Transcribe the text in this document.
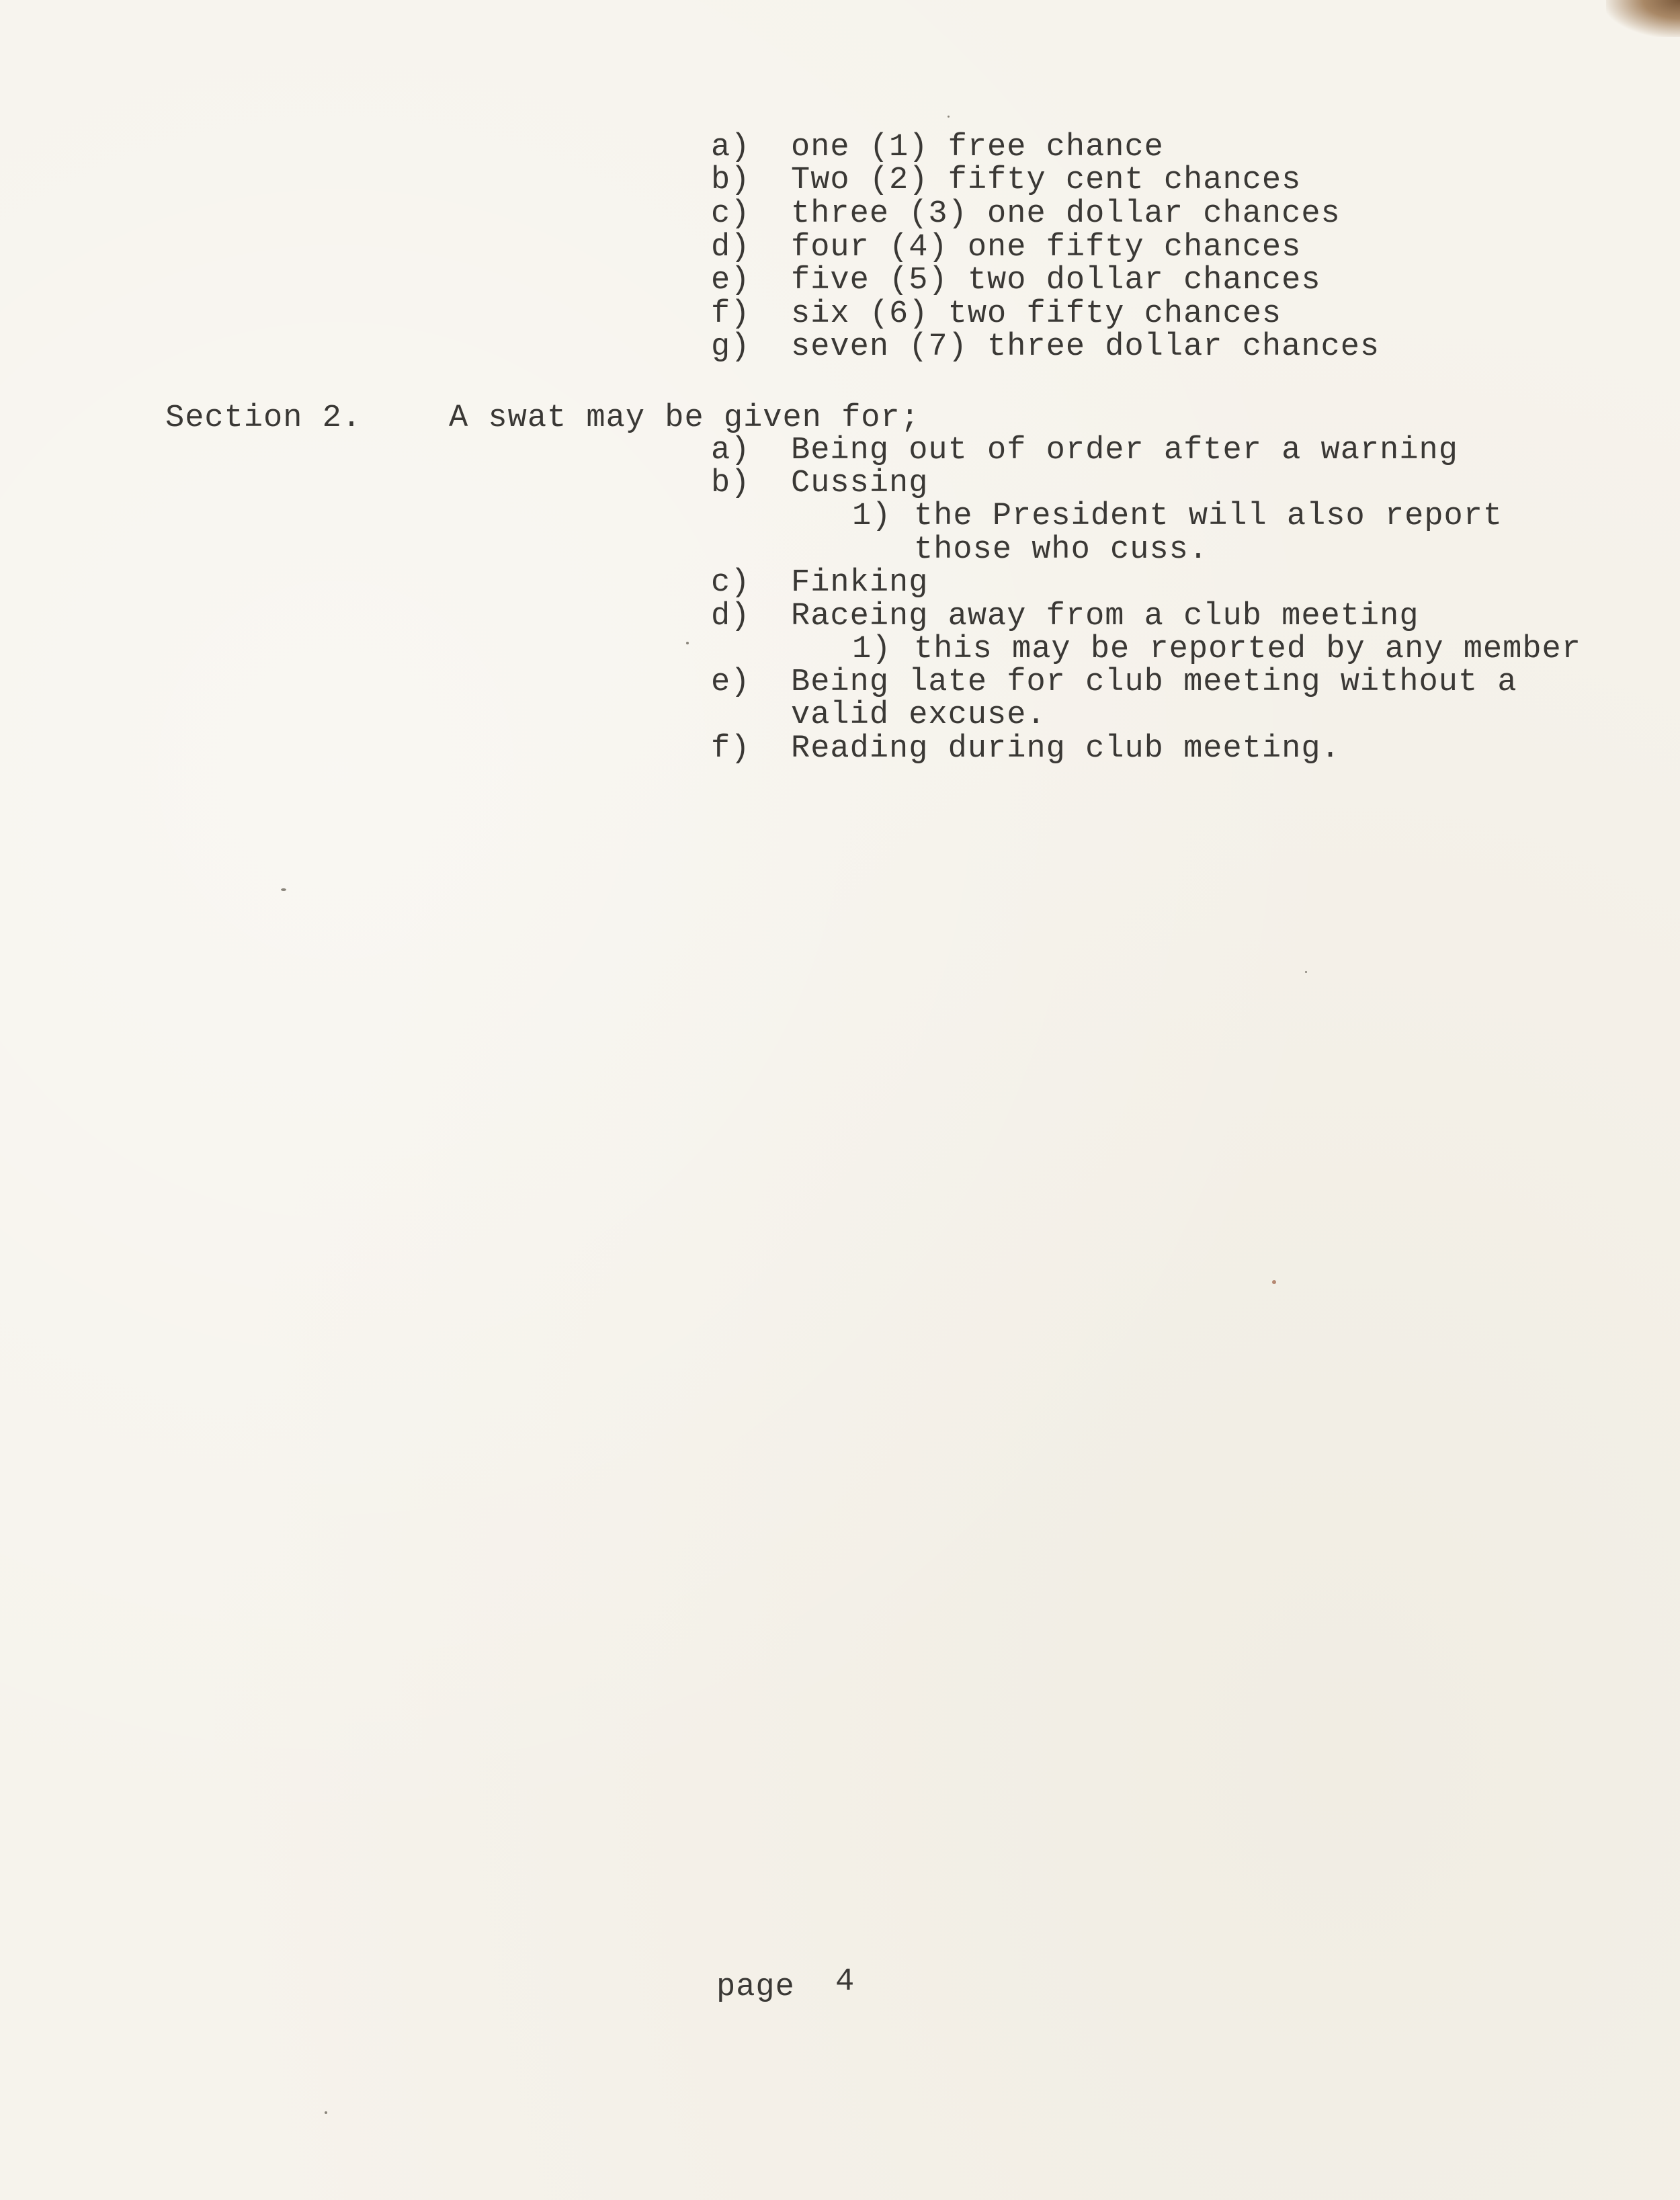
a) one (1) free chance
b) Two (2) fifty cent chances
c) three (3) one dollar chances
d) four (4) one fifty chances
e) five (5) two dollar chances
f) six (6) two fifty chances
g) seven (7) three dollar chances
Section 2.	A swat may be given for;
a) Being out of order after a warning
b) Cussing
1) the President will also report
those who cuss.
c) Finking
d) Raceing away from a club meeting
1) this may be reported by any member
e) Being late for club meeting without a
valid excuse.
f) Reading during club meeting.
page 4
